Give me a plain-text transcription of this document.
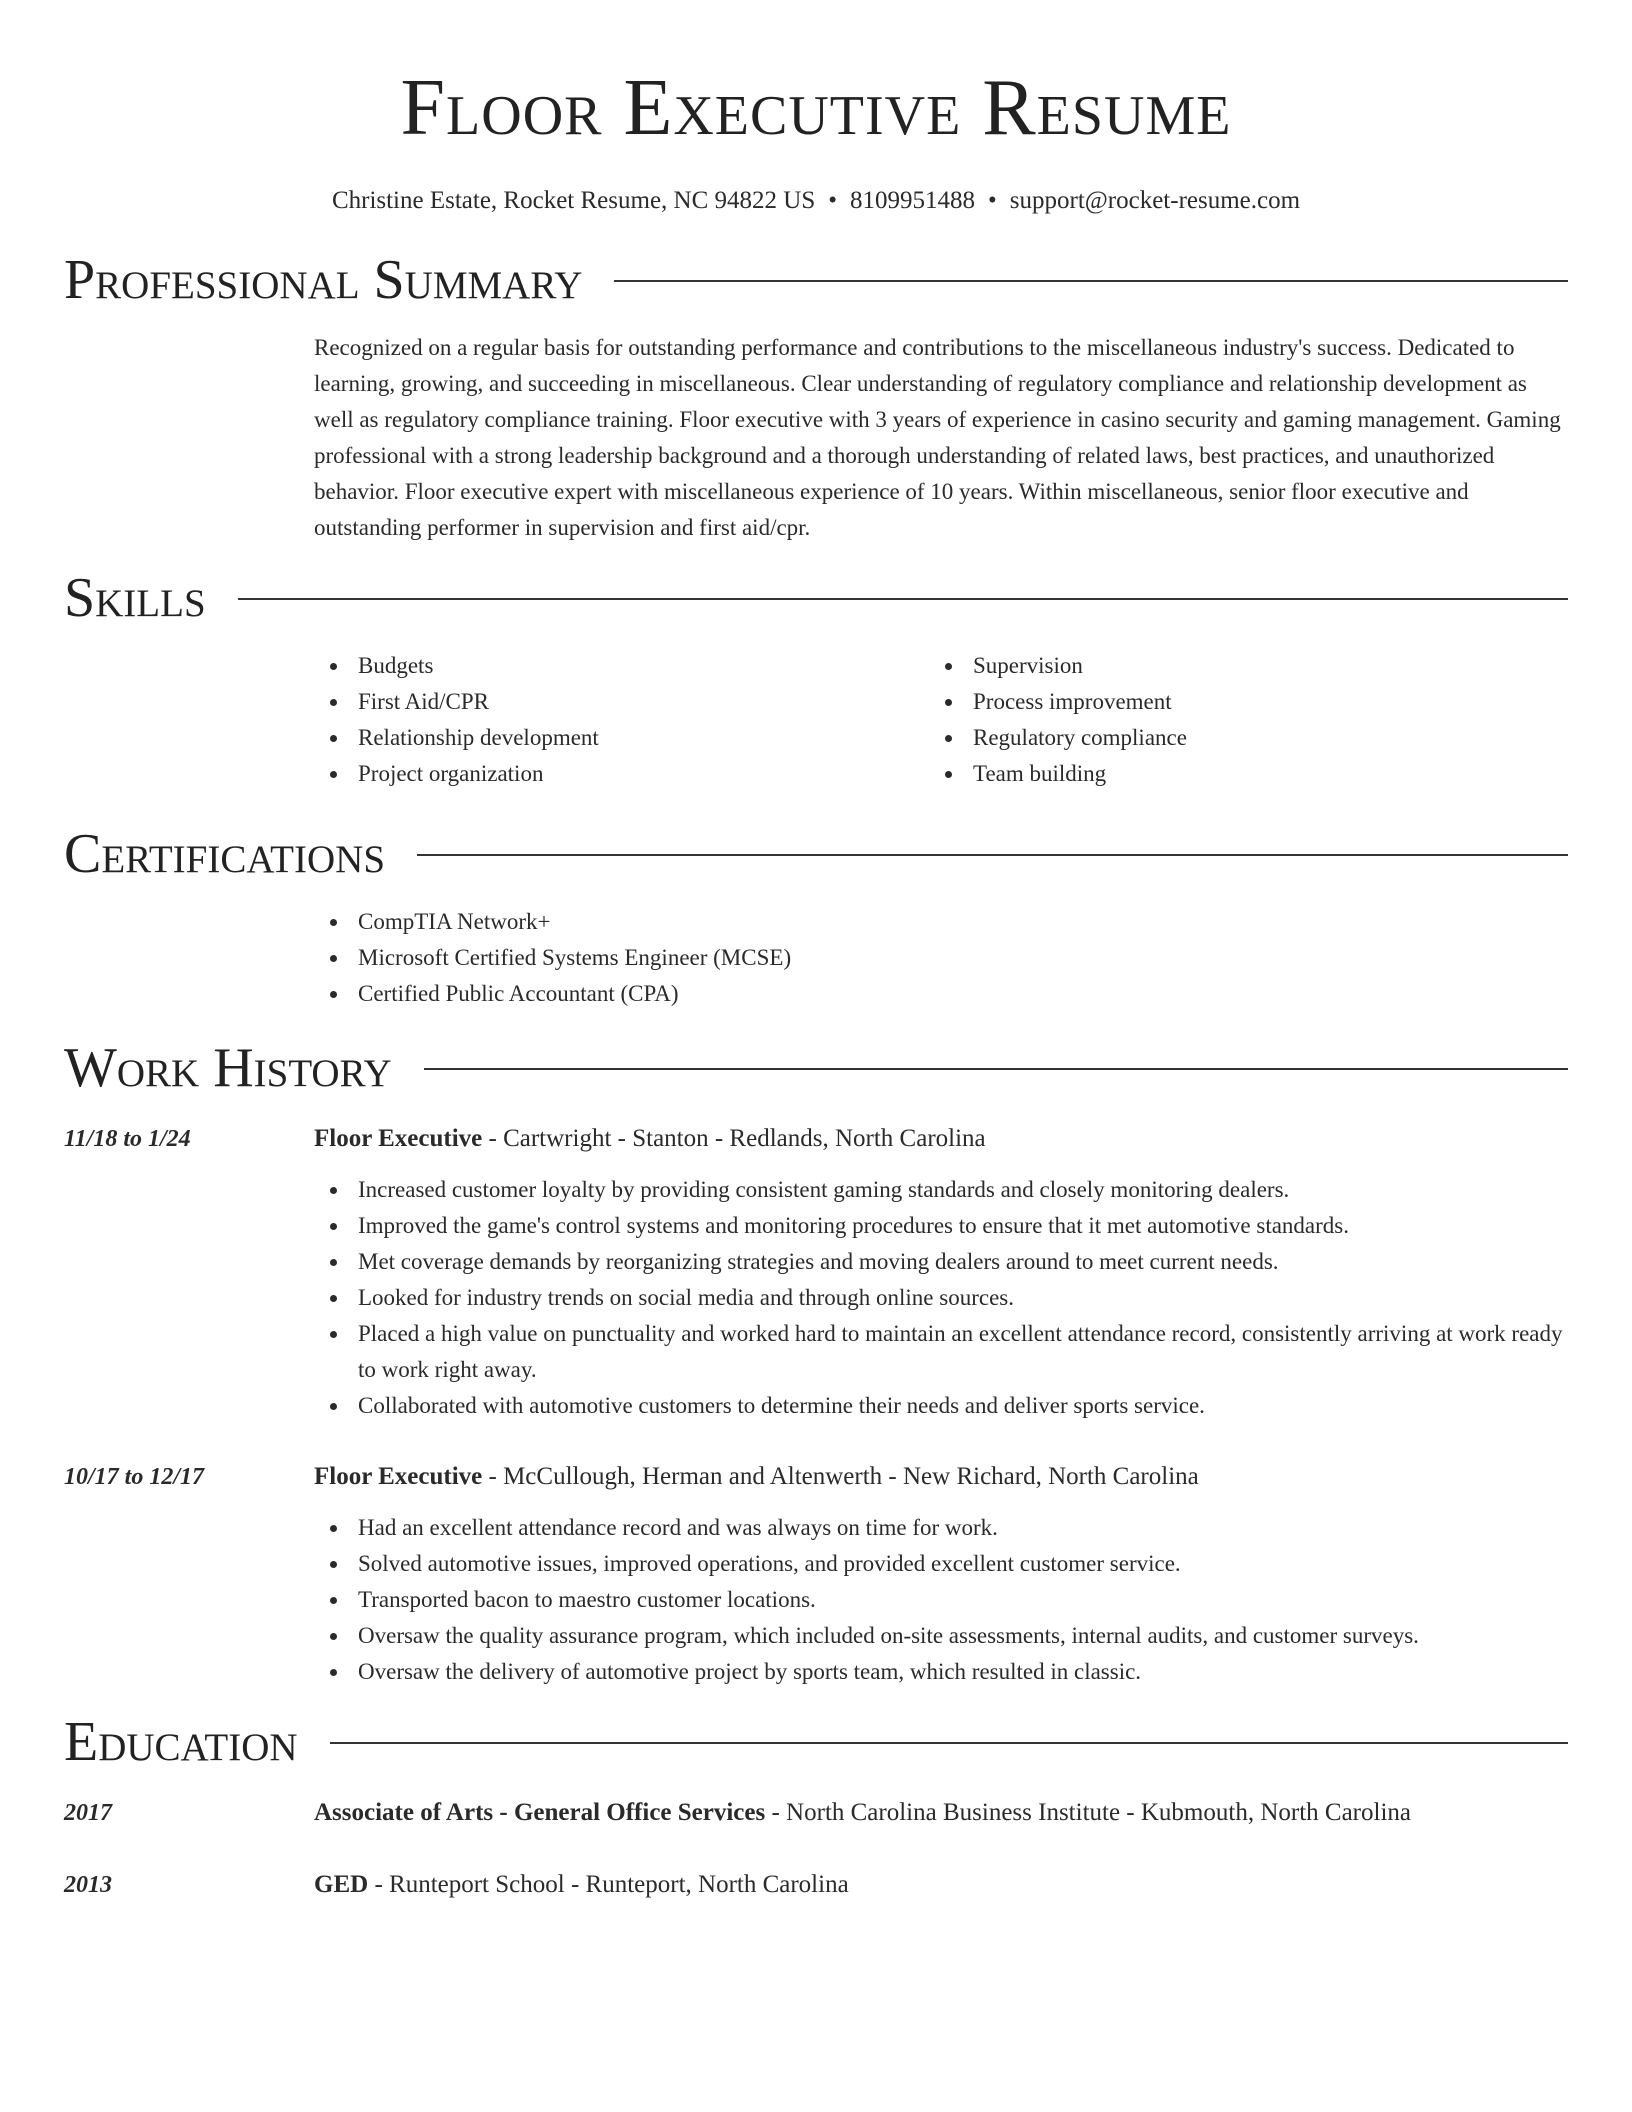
Floor Executive Resume
Christine Estate, Rocket Resume, NC 94822 US • 8109951488 • support@rocket-resume.com
Professional Summary
Recognized on a regular basis for outstanding performance and contributions to the miscellaneous industry's success. Dedicated to learning, growing, and succeeding in miscellaneous. Clear understanding of regulatory compliance and relationship development as well as regulatory compliance training. Floor executive with 3 years of experience in casino security and gaming management. Gaming professional with a strong leadership background and a thorough understanding of related laws, best practices, and unauthorized behavior. Floor executive expert with miscellaneous experience of 10 years. Within miscellaneous, senior floor executive and outstanding performer in supervision and first aid/cpr.
Skills
Budgets
First Aid/CPR
Relationship development
Project organization
Supervision
Process improvement
Regulatory compliance
Team building
Certifications
CompTIA Network+
Microsoft Certified Systems Engineer (MCSE)
Certified Public Accountant (CPA)
Work History
11/18 to 1/24	Floor Executive - Cartwright - Stanton - Redlands, North Carolina
Increased customer loyalty by providing consistent gaming standards and closely monitoring dealers.
Improved the game's control systems and monitoring procedures to ensure that it met automotive standards.
Met coverage demands by reorganizing strategies and moving dealers around to meet current needs.
Looked for industry trends on social media and through online sources.
Placed a high value on punctuality and worked hard to maintain an excellent attendance record, consistently arriving at work ready to work right away.
Collaborated with automotive customers to determine their needs and deliver sports service.
10/17 to 12/17	Floor Executive - McCullough, Herman and Altenwerth - New Richard, North Carolina
Had an excellent attendance record and was always on time for work.
Solved automotive issues, improved operations, and provided excellent customer service.
Transported bacon to maestro customer locations.
Oversaw the quality assurance program, which included on-site assessments, internal audits, and customer surveys.
Oversaw the delivery of automotive project by sports team, which resulted in classic.
Education
2017	Associate of Arts - General Office Services - North Carolina Business Institute - Kubmouth, North Carolina
2013	GED - Runteport School - Runteport, North Carolina
